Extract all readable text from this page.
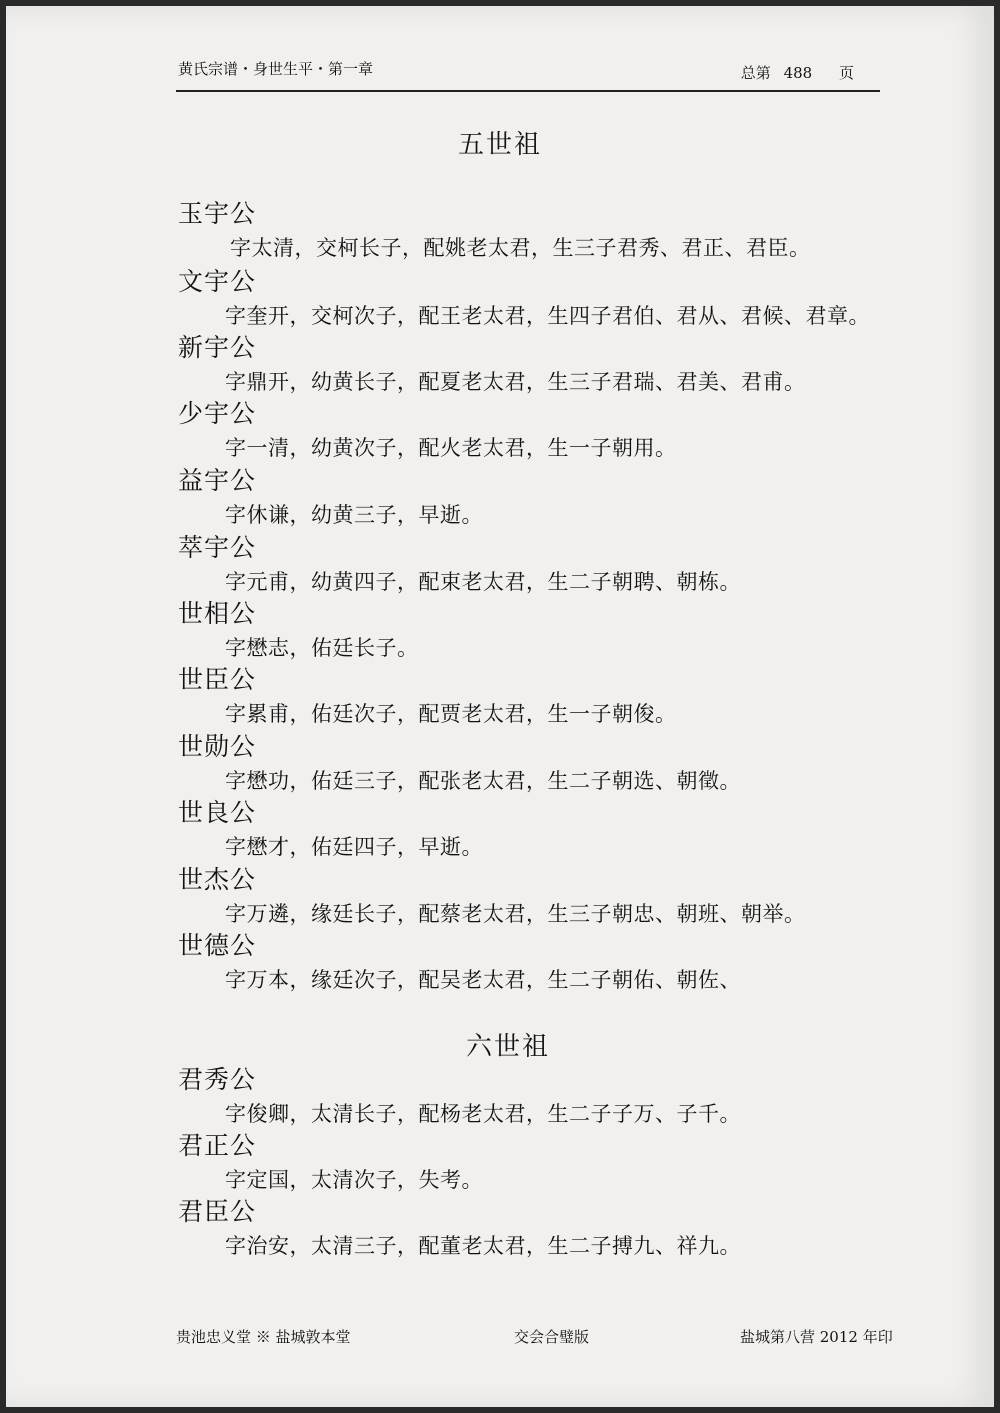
黄氏宗谱・身世生平・第一章	总第 488 页
五世祖
玉宇公
字太清，交柯长子，配姚老太君，生三子君秀、君正、君臣。
文宇公
字奎开，交柯次子，配王老太君，生四子君伯、君从、君候、君章。
新宇公
字鼎开，幼黄长子，配夏老太君，生三子君瑞、君美、君甫。
少宇公
字一清，幼黄次子，配火老太君，生一子朝用。
益宇公
字休谦，幼黄三子，早逝。
萃宇公
字元甫，幼黄四子，配束老太君，生二子朝聘、朝栋。
世相公
字懋志，佑廷长子。
世臣公
字累甫，佑廷次子，配贾老太君，生一子朝俊。
世勋公
字懋功，佑廷三子，配张老太君，生二子朝选、朝徵。
世良公
字懋才，佑廷四子，早逝。
世杰公
字万遴，缘廷长子，配蔡老太君，生三子朝忠、朝班、朝举。
世德公
字万本，缘廷次子，配吴老太君，生二子朝佑、朝佐、
六世祖
君秀公
字俊卿，太清长子，配杨老太君，生二子子万、子千。
君正公
字定国，太清次子，失考。
君臣公
字治安，太清三子，配董老太君，生二子搏九、祥九。
贵池忠义堂 ※ 盐城敦本堂	交会合璧版	盐城第八营 2012 年印
